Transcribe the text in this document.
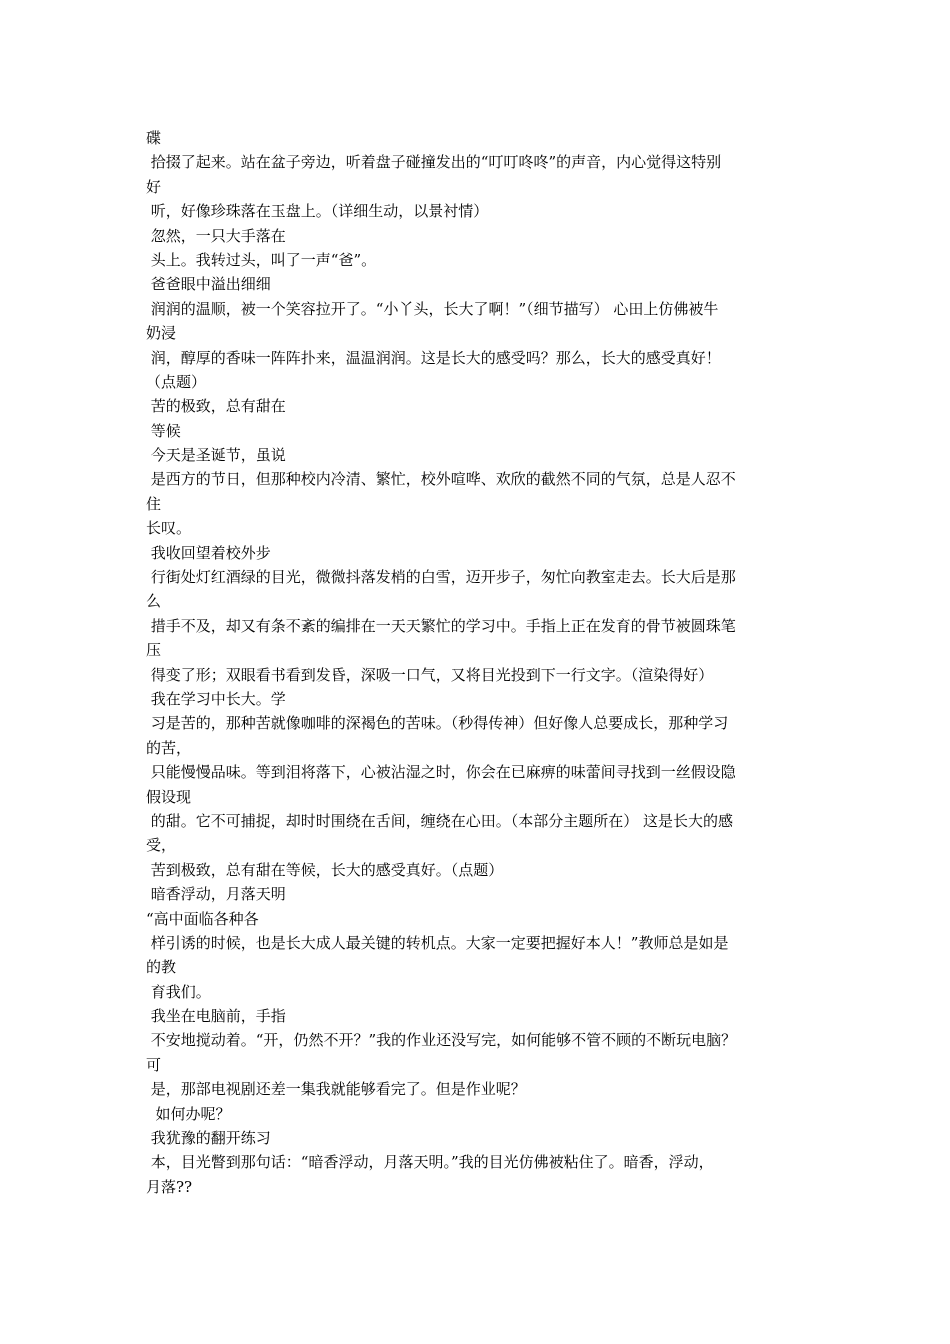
碟
拾掇了起来。站在盆子旁边，听着盘子碰撞发出的“叮叮咚咚”的声音，内心觉得这特别
好
听，好像珍珠落在玉盘上。（详细生动，以景衬情）
忽然，一只大手落在
头上。我转过头，叫了一声“爸”。
爸爸眼中溢出细细
润润的温顺，被一个笑容拉开了。“小丫头，长大了啊！”（细节描写） 心田上仿佛被牛
奶浸
润，醇厚的香味一阵阵扑来，温温润润。这是长大的感受吗？那么，长大的感受真好！
（点题）
苦的极致，总有甜在
等候
今天是圣诞节，虽说
是西方的节日，但那种校内冷清、繁忙，校外喧哗、欢欣的截然不同的气氛，总是人忍不
住
长叹。
我收回望着校外步
行街处灯红酒绿的目光，微微抖落发梢的白雪，迈开步子，匆忙向教室走去。长大后是那
么
措手不及，却又有条不紊的编排在一天天繁忙的学习中。手指上正在发育的骨节被圆珠笔
压
得变了形；双眼看书看到发昏，深吸一口气，又将目光投到下一行文字。（渲染得好）
我在学习中长大。学
习是苦的，那种苦就像咖啡的深褐色的苦味。（秒得传神）但好像人总要成长，那种学习
的苦，
只能慢慢品味。等到泪将落下，心被沾湿之时，你会在已麻痹的味蕾间寻找到一丝假设隐
假设现
的甜。它不可捕捉，却时时围绕在舌间，缠绕在心田。（本部分主题所在） 这是长大的感
受，
苦到极致，总有甜在等候，长大的感受真好。（点题）
暗香浮动，月落天明
“高中面临各种各
样引诱的时候，也是长大成人最关键的转机点。大家一定要把握好本人！”教师总是如是
的教
育我们。
我坐在电脑前，手指
不安地搅动着。“开，仍然不开？”我的作业还没写完，如何能够不管不顾的不断玩电脑？
可
是，那部电视剧还差一集我就能够看完了。但是作业呢？
如何办呢？
我犹豫的翻开练习
本，目光瞥到那句话：“暗香浮动，月落天明。”我的目光仿佛被粘住了。暗香，浮动，
月落??
